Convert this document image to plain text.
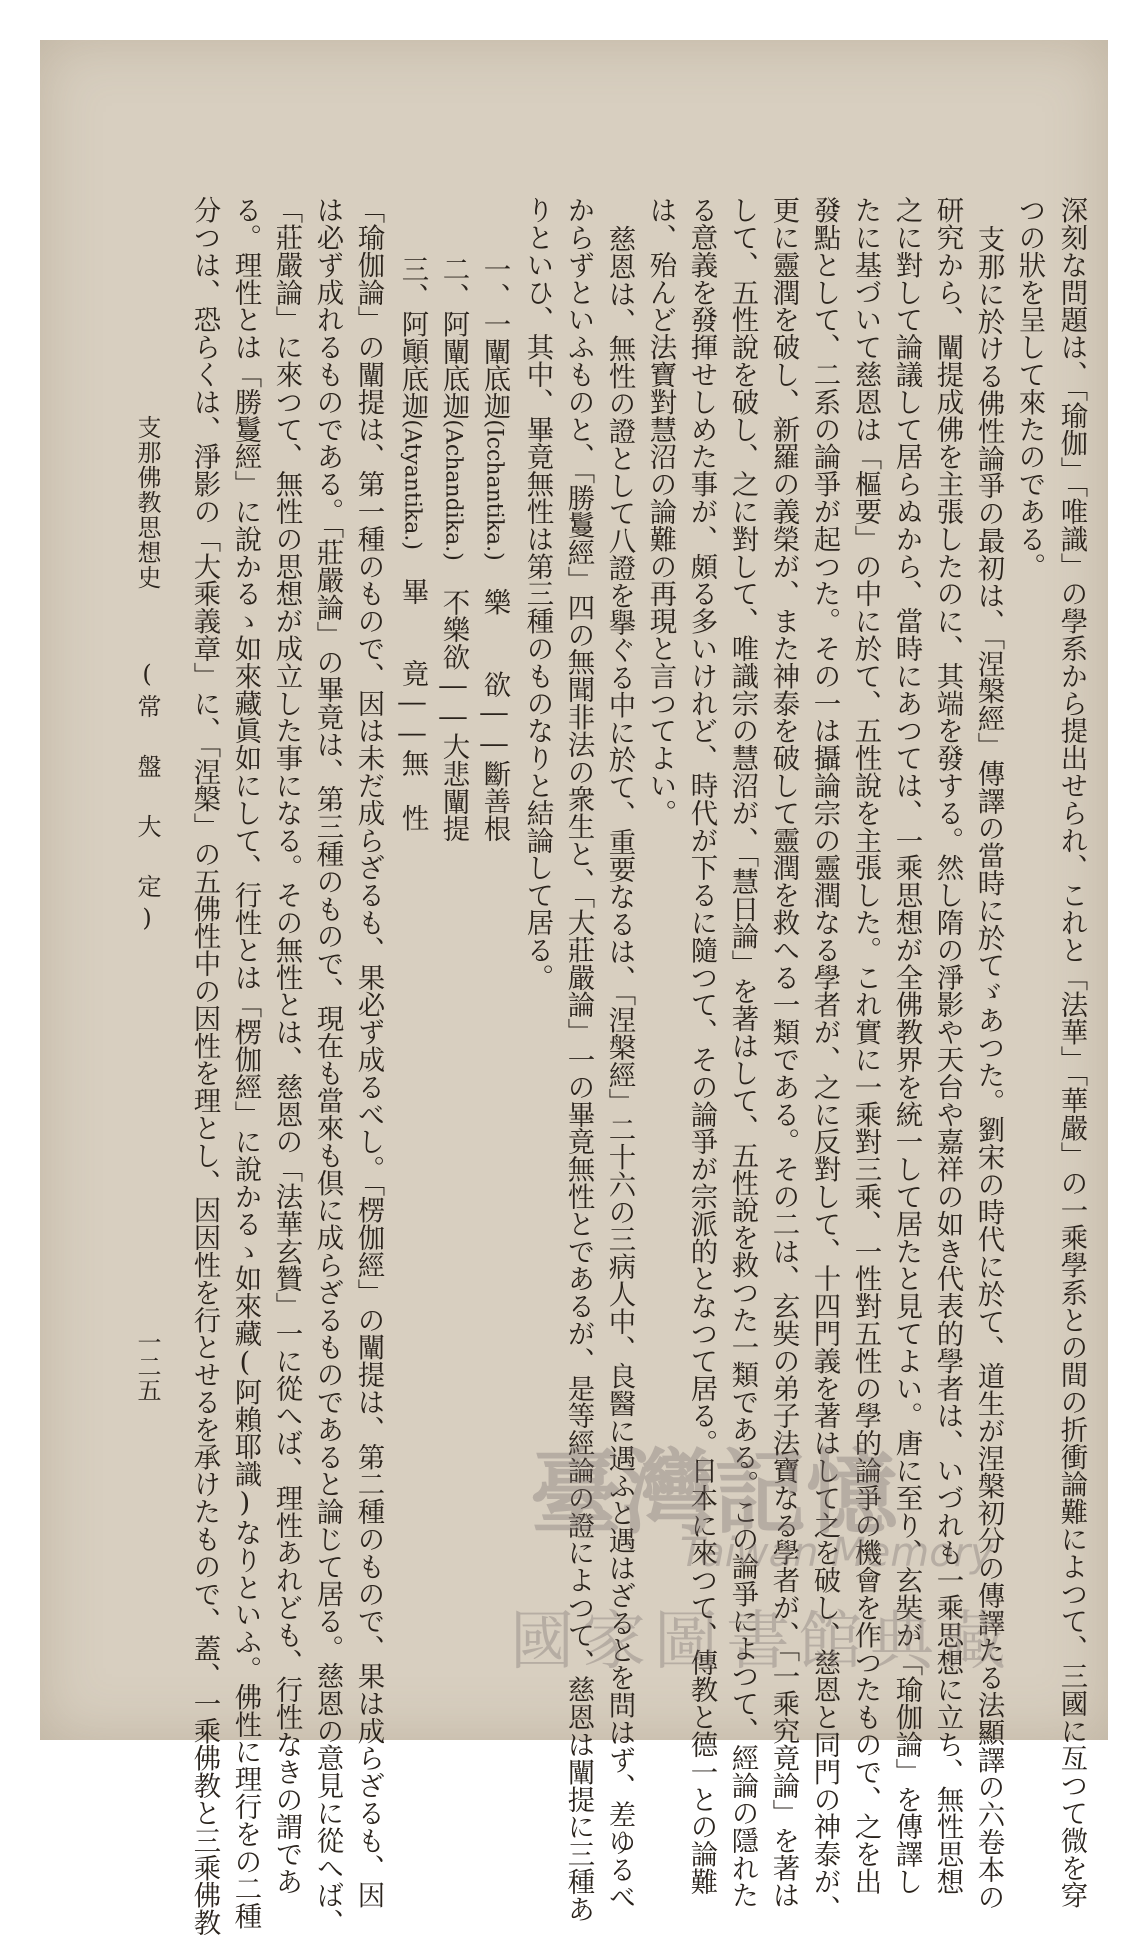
深刻な問題は、「瑜伽」「唯識」の學系から提出せられ、これと「法華」「華嚴」の一乘學系との間の折衝論難によつて、三國に亙つて微を穿
つの狀を呈して來たのである。
支那に於ける佛性論爭の最初は、「涅槃經」傳譯の當時に於てゞあつた。劉宋の時代に於て、道生が涅槃初分の傳譯たる法顯譯の六卷本の
研究から、闡提成佛を主張したのに、其端を發する。然し隋の淨影や天台や嘉祥の如き代表的學者は、いづれも一乘思想に立ち、無性思想
之に對して論議して居らぬから、當時にあつては、一乘思想が全佛教界を統一して居たと見てよい。唐に至り、玄奘が「瑜伽論」を傳譯し
たに基づいて慈恩は「樞要」の中に於て、五性說を主張した。これ實に一乘對三乘、一性對五性の學的論爭の機會を作つたもので、之を出
發點として、二系の論爭が起つた。その一は攝論宗の靈潤なる學者が、之に反對して、十四門義を著はして之を破し、慈恩と同門の神泰が、
更に靈潤を破し、新羅の義榮が、また神泰を破して靈潤を救へる一類である。その二は、玄奘の弟子法寶なる學者が、「一乘究竟論」を著は
して、五性說を破し、之に對して、唯識宗の慧沼が、「慧日論」を著はして、五性說を救つた一類である。この論爭によつて、經論の隱れた
る意義を發揮せしめた事が、頗る多いけれど、時代が下るに隨つて、その論爭が宗派的となつて居る。日本に來つて、傳教と德一との論難
は、殆んど法寶對慧沼の論難の再現と言つてよい。
慈恩は、無性の證として八證を擧ぐる中に於て、重要なるは、「涅槃經」二十六の三病人中、良醫に遇ふと遇はざるとを問はず、差ゆるべ
からずといふものと、「勝鬘經」四の無聞非法の衆生と、「大莊嚴論」一の畢竟無性とであるが、是等經論の證によつて、慈恩は闡提に三種あ
りといひ、其中、畢竟無性は第三種のものなりと結論して居る。
一、一闡底迦(Icchantika.)　樂　　欲――斷善根
二、阿闡底迦(Achandika.)　不樂欲――大悲闡提
三、阿顚底迦(Atyantika.)　畢　　竟――無　性
「瑜伽論」の闡提は、第一種のもので、因は未だ成らざるも、果必ず成るべし。「楞伽經」の闡提は、第二種のもので、果は成らざるも、因
は必ず成れるものである。「莊嚴論」の畢竟は、第三種のもので、現在も當來も倶に成らざるものであると論じて居る。慈恩の意見に從へば、
「莊嚴論」に來つて、無性の思想が成立した事になる。その無性とは、慈恩の「法華玄贊」一に從へば、理性あれども、行性なきの謂であ
る。理性とは「勝鬘經」に說かるゝ如來藏眞如にして、行性とは「楞伽經」に說かるゝ如來藏(阿賴耶識)なりといふ。佛性に理行をの二種
分つは、恐らくは、淨影の「大乘義章」に、「涅槃」の五佛性中の因性を理とし、因因性を行とせるを承けたもので、蓋、一乘佛教と三乘佛教
支那佛教思想史
(常　盤　大　定)
一二五
臺灣記憶
Taiwan Memory
國家圖書館典藏
